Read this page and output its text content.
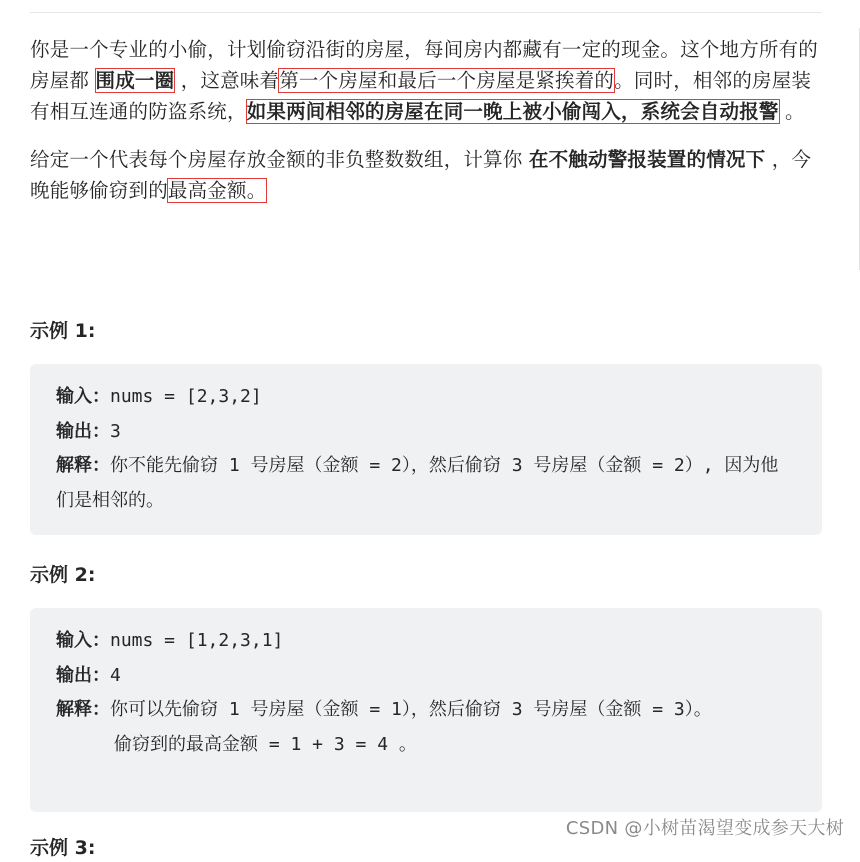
你是一个专业的小偷，计划偷窃沿街的房屋，每间房内都藏有一定的现金。这个地方所有的房屋都 围成一圈 ，这意味着第一个房屋和最后一个房屋是紧挨着的。同时，相邻的房屋装有相互连通的防盗系统，如果两间相邻的房屋在同一晚上被小偷闯入，系统会自动报警 。

给定一个代表每个房屋存放金额的非负整数数组，计算你 在不触动警报装置的情况下 ，今晚能够偷窃到的最高金额。

示例 1:
输入：nums = [2,3,2]
输出：3
解释：你不能先偷窃 1 号房屋（金额 = 2），然后偷窃 3 号房屋（金额 = 2）, 因为他们是相邻的。
示例 2:
输入：nums = [1,2,3,1]
输出：4
解释：你可以先偷窃 1 号房屋（金额 = 1），然后偷窃 3 号房屋（金额 = 3）。
偷窃到的最高金额 = 1 + 3 = 4 。
示例 3:
CSDN @小树苗渴望变成参天大树
